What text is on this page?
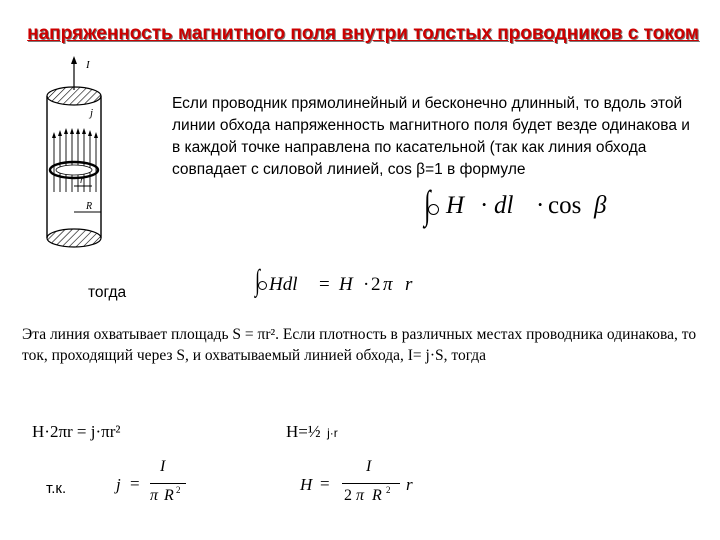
напряженность магнитного поля внутри толстых проводников с током
I
j
r
R
Если проводник прямолинейный и бесконечно длинный, то вдоль этой линии обхода напряженность магнитного поля будет везде одинакова и в каждой точке направлена по касательной (так как линия обхода совпадает с силовой линией, cos β=1 в формуле
∫ H · dl · cos β
тогда	∫ Hdl = H · 2 π r
Эта линия охватывает площадь S = πr². Если плотность в различных местах проводника одинакова, то ток, проходящий через S, и охватываемый линией обхода, I= j·S, тогда
H·2πr = j·πr²	H=½ j·r
т.к.	j =
I
π R 2	H =
I
2 π R 2 r
